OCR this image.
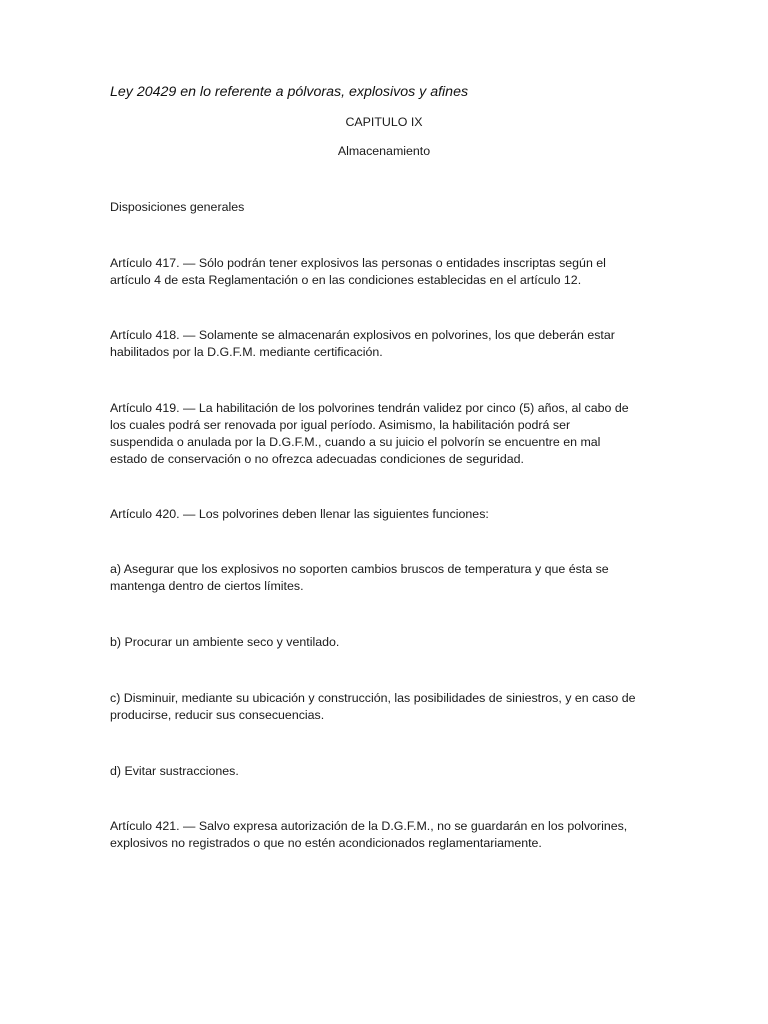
Ley 20429 en lo referente a pólvoras, explosivos y afines
CAPITULO IX
Almacenamiento

Disposiciones generales

Artículo 417. — Sólo podrán tener explosivos las personas o entidades inscriptas según el
artículo 4 de esta Reglamentación o en las condiciones establecidas en el artículo 12.

Artículo 418. — Solamente se almacenarán explosivos en polvorines, los que deberán estar
habilitados por la D.G.F.M. mediante certificación.

Artículo 419. — La habilitación de los polvorines tendrán validez por cinco (5) años, al cabo de
los cuales podrá ser renovada por igual período. Asimismo, la habilitación podrá ser
suspendida o anulada por la D.G.F.M., cuando a su juicio el polvorín se encuentre en mal
estado de conservación o no ofrezca adecuadas condiciones de seguridad.

Artículo 420. — Los polvorines deben llenar las siguientes funciones:

a) Asegurar que los explosivos no soporten cambios bruscos de temperatura y que ésta se
mantenga dentro de ciertos límites.

b) Procurar un ambiente seco y ventilado.

c) Disminuir, mediante su ubicación y construcción, las posibilidades de siniestros, y en caso de
producirse, reducir sus consecuencias.

d) Evitar sustracciones.

Artículo 421. — Salvo expresa autorización de la D.G.F.M., no se guardarán en los polvorines,
explosivos no registrados o que no estén acondicionados reglamentariamente.
